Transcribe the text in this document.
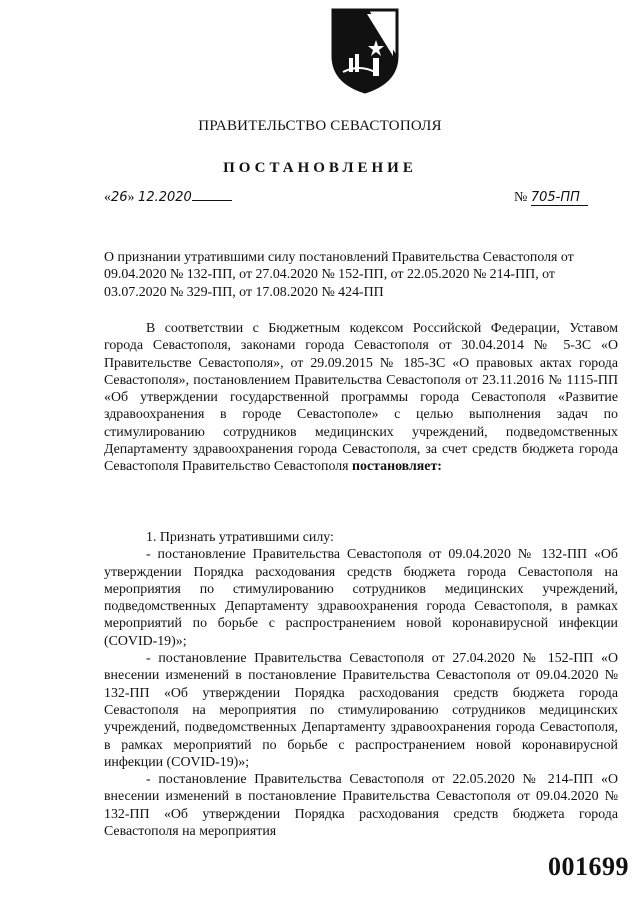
ПРАВИТЕЛЬСТВО СЕВАСТОПОЛЯ
ПОСТАНОВЛЕНИЕ
«26» 12.2020	№ 705-ПП
О признании утратившими силу постановлений Правительства Севастополя от 09.04.2020 № 132-ПП, от 27.04.2020 № 152-ПП, от 22.05.2020 № 214-ПП, от 03.07.2020 № 329-ПП, от 17.08.2020 № 424-ПП
В соответствии с Бюджетным кодексом Российской Федерации, Уставом города Севастополя, законами города Севастополя от 30.04.2014 № 5-ЗС «О Правительстве Севастополя», от 29.09.2015 № 185-ЗС «О правовых актах города Севастополя», постановлением Правительства Севастополя от 23.11.2016 № 1115-ПП «Об утверждении государственной программы города Севастополя «Развитие здравоохранения в городе Севастополе» с целью выполнения задач по стимулированию сотрудников медицинских учреждений, подведомственных Департаменту здравоохранения города Севастополя, за счет средств бюджета города Севастополя Правительство Севастополя постановляет:

1. Признать утратившими силу:

- постановление Правительства Севастополя от 09.04.2020 № 132-ПП «Об утверждении Порядка расходования средств бюджета города Севастополя на мероприятия по стимулированию сотрудников медицинских учреждений, подведомственных Департаменту здравоохранения города Севастополя, в рамках мероприятий по борьбе с распространением новой коронавирусной инфекции (COVID-19)»;

- постановление Правительства Севастополя от 27.04.2020 № 152-ПП «О внесении изменений в постановление Правительства Севастополя от 09.04.2020 № 132-ПП «Об утверждении Порядка расходования средств бюджета города Севастополя на мероприятия по стимулированию сотрудников медицинских учреждений, подведомственных Департаменту здравоохранения города Севастополя, в рамках мероприятий по борьбе с распространением новой коронавирусной инфекции (COVID-19)»;

- постановление Правительства Севастополя от 22.05.2020 № 214-ПП «О внесении изменений в постановление Правительства Севастополя от 09.04.2020 № 132-ПП «Об утверждении Порядка расходования средств бюджета города Севастополя на мероприятия

001699
